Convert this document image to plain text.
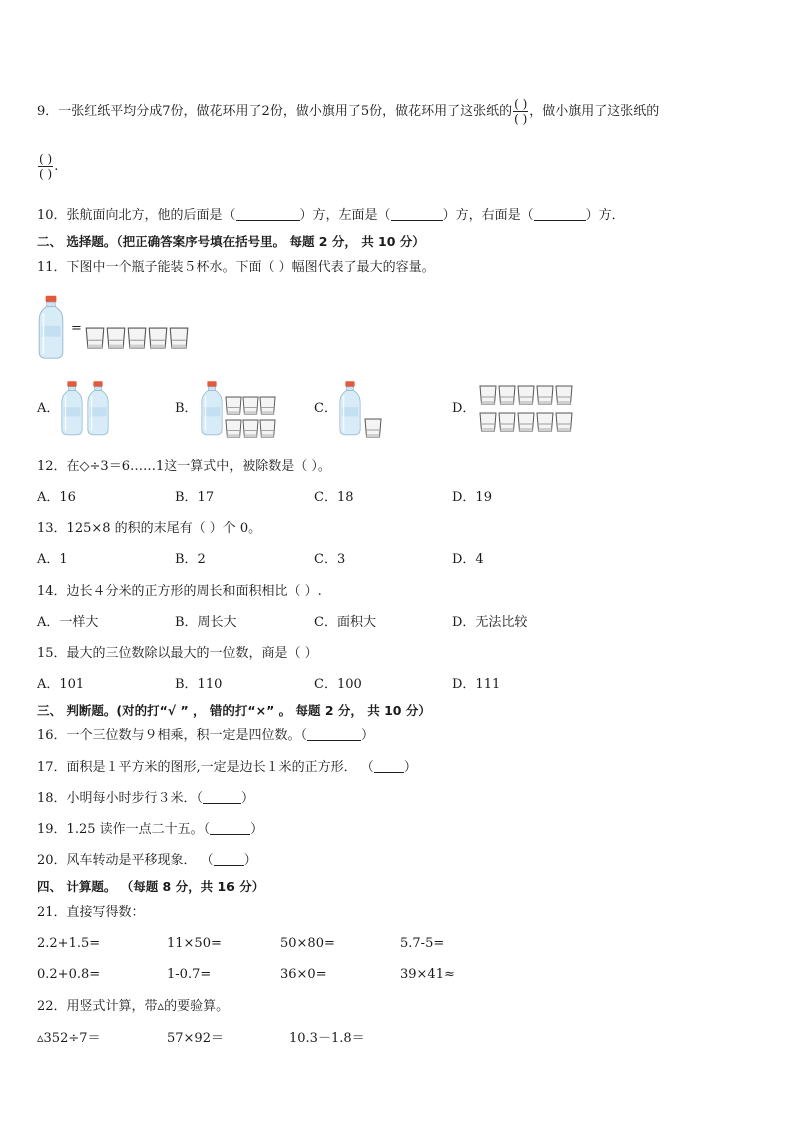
9．一张红纸平均分成7份，做花环用了2份，做小旗用了5份，做花环用了这张纸的 $\frac{( )}{( )}$ ，做小旗用了这张纸的
$\frac{( )}{( )}$ .
10．张航面向北方，他的后面是（	）方，左面是（	）方，右面是（	）方．
二、 选择题。（把正确答案序号填在括号里。 每题 2 分， 共 10 分）
11．下图中一个瓶子能装５杯水。下面（ ）幅图代表了最大的容量。
=
A．	B．	C．	D．
12．在◇÷3＝6……1这一算式中，被除数是（ ）。
A．16	B．17	C．18	D．19
13．125×8 的积的末尾有（ ）个 0。
A．1	B．2	C．3	D．4
14．边长４分米的正方形的周长和面积相比（ ）.
A．一样大	B．周长大	C．面积大	D．无法比较
15．最大的三位数除以最大的一位数，商是（ ）
A．101	B．110	C．100	D．111
三、 判断题。(对的打“√ ” ， 错的打“×” 。 每题 2 分， 共 10 分）
16．一个三位数与９相乘，积一定是四位数。（	）
17．面积是１平方米的图形,一定是边长１米的正方形． （ ）
18．小明每小时步行３米．（	）
19．1.25 读作一点二十五。（	）
20．风车转动是平移现象． （ ）
四、 计算题。 （每题 8 分，共 16 分）
21．直接写得数：
2.2+1.5=	11×50=	50×80=	5.7-5=
0.2+0.8=	1-0.7=	36×0=	39×41≈
22．用竖式计算，带▵的要验算。
▵352÷7＝	57×92＝	10.3－1.8＝
